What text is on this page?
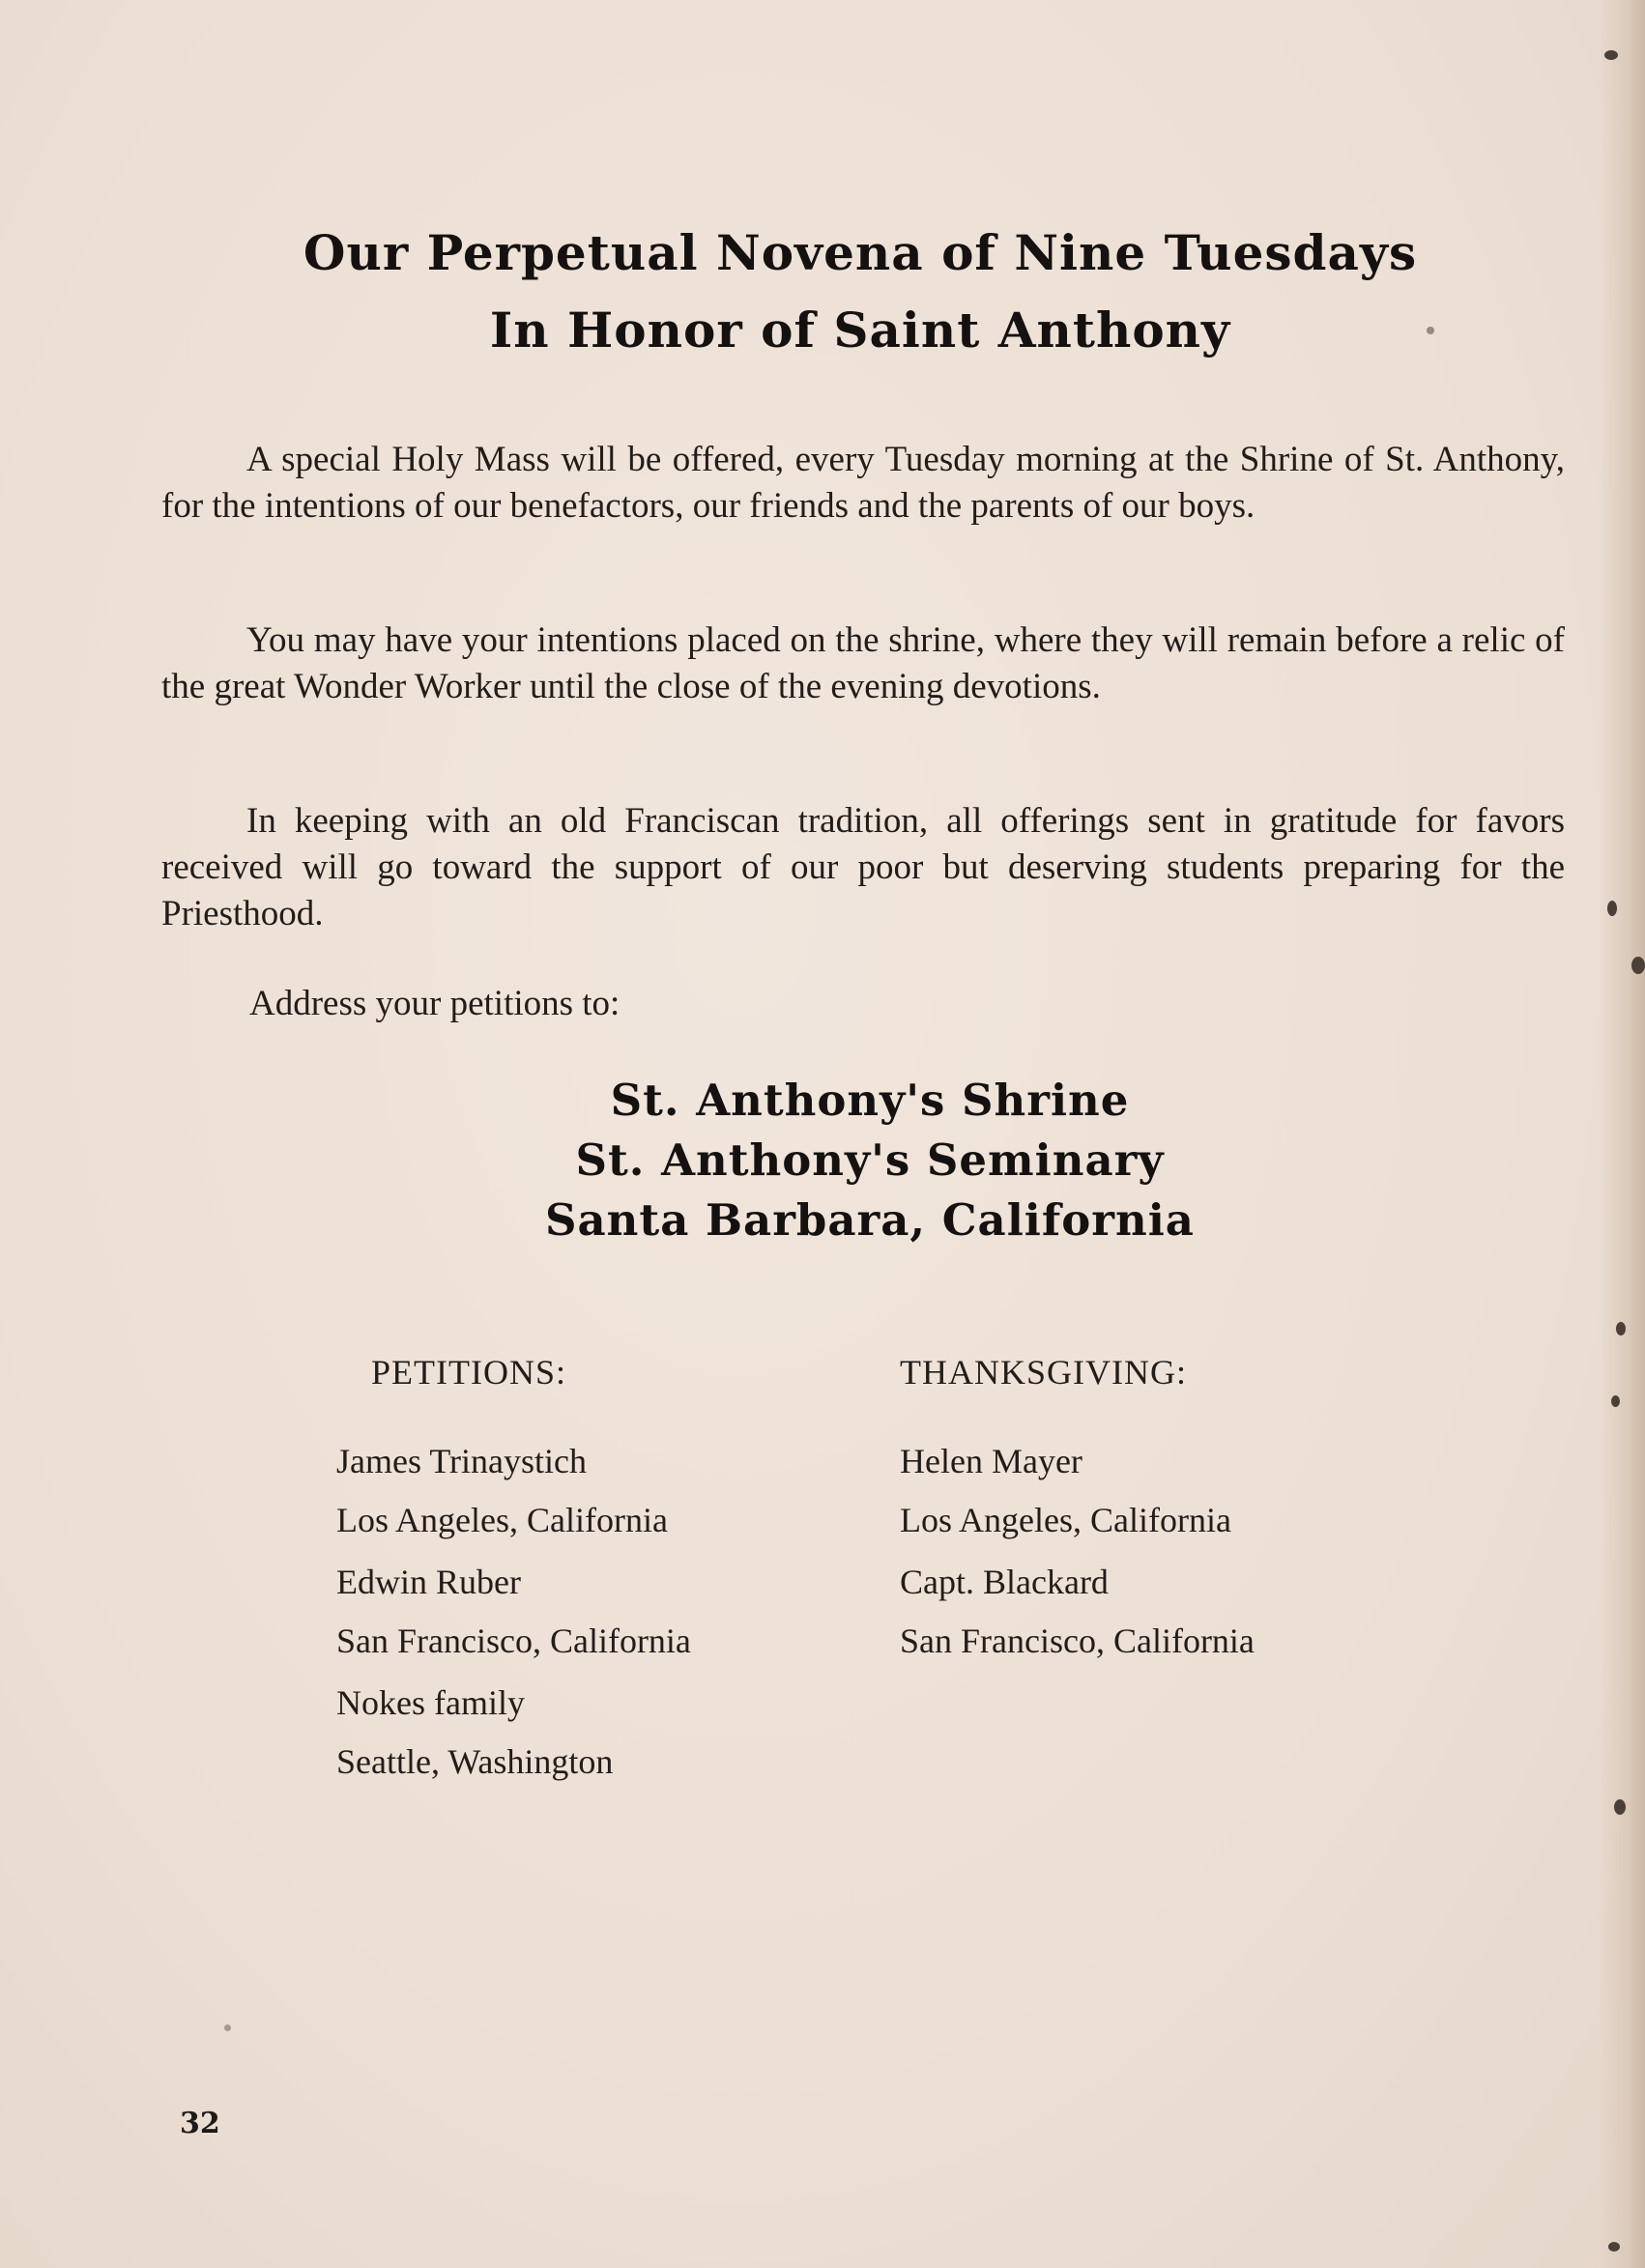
Our Perpetual Novena of Nine Tuesdays
In Honor of Saint Anthony
A special Holy Mass will be offered, every Tuesday morning at the Shrine of St. Anthony, for the intentions of our benefactors, our friends and the parents of our boys.
You may have your intentions placed on the shrine, where they will remain before a relic of the great Wonder Worker until the close of the evening devotions.
In keeping with an old Franciscan tradition, all offerings sent in gratitude for favors received will go toward the support of our poor but deserving students preparing for the Priesthood.
Address your petitions to:
St. Anthony's Shrine
St. Anthony's Seminary
Santa Barbara, California
PETITIONS:
James Trinaystich
Los Angeles, California
Edwin Ruber
San Francisco, California
Nokes family
Seattle, Washington
THANKSGIVING:
Helen Mayer
Los Angeles, California
Capt. Blackard
San Francisco, California
32
